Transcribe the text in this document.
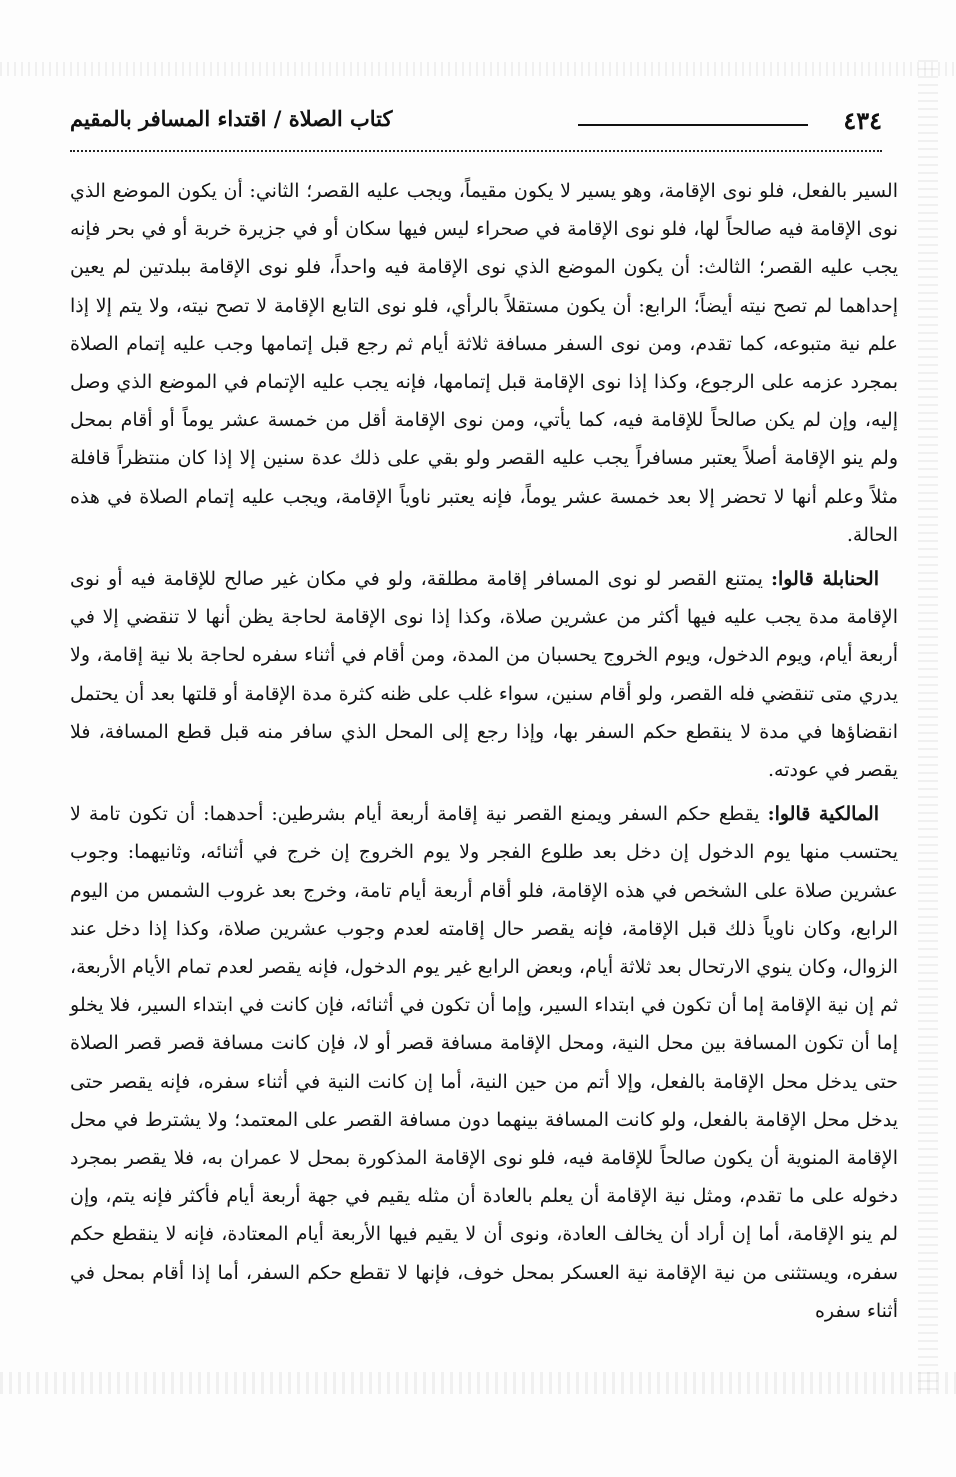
٤٣٤
كتاب الصلاة / اقتداء المسافر بالمقيم

السير بالفعل، فلو نوى الإقامة، وهو يسير لا يكون مقيماً، ويجب عليه القصر؛ الثاني: أن يكون الموضع الذي نوى الإقامة فيه صالحاً لها، فلو نوى الإقامة في صحراء ليس فيها سكان أو في جزيرة خربة أو في بحر فإنه يجب عليه القصر؛ الثالث: أن يكون الموضع الذي نوى الإقامة فيه واحداً، فلو نوى الإقامة ببلدتين لم يعين إحداهما لم تصح نيته أيضاً؛ الرابع: أن يكون مستقلاً بالرأي، فلو نوى التابع الإقامة لا تصح نيته، ولا يتم إلا إذا علم نية متبوعه، كما تقدم، ومن نوى السفر مسافة ثلاثة أيام ثم رجع قبل إتمامها وجب عليه إتمام الصلاة بمجرد عزمه على الرجوع، وكذا إذا نوى الإقامة قبل إتمامها، فإنه يجب عليه الإتمام في الموضع الذي وصل إليه، وإن لم يكن صالحاً للإقامة فيه، كما يأتي، ومن نوى الإقامة أقل من خمسة عشر يوماً أو أقام بمحل ولم ينو الإقامة أصلاً يعتبر مسافراً يجب عليه القصر ولو بقي على ذلك عدة سنين إلا إذا كان منتظراً قافلة مثلاً وعلم أنها لا تحضر إلا بعد خمسة عشر يوماً، فإنه يعتبر ناوياً الإقامة، ويجب عليه إتمام الصلاة في هذه الحالة.

 الحنابلة قالوا: يمتنع القصر لو نوى المسافر إقامة مطلقة، ولو في مكان غير صالح للإقامة فيه أو نوى الإقامة مدة يجب عليه فيها أكثر من عشرين صلاة، وكذا إذا نوى الإقامة لحاجة يظن أنها لا تنقضي إلا في أربعة أيام، ويوم الدخول، ويوم الخروج يحسبان من المدة، ومن أقام في أثناء سفره لحاجة بلا نية إقامة، ولا يدري متى تنقضي فله القصر، ولو أقام سنين، سواء غلب على ظنه كثرة مدة الإقامة أو قلتها بعد أن يحتمل انقضاؤها في مدة لا ينقطع حكم السفر بها، وإذا رجع إلى المحل الذي سافر منه قبل قطع المسافة، فلا يقصر في عودته.

 المالكية قالوا: يقطع حكم السفر ويمنع القصر نية إقامة أربعة أيام بشرطين: أحدهما: أن تكون تامة لا يحتسب منها يوم الدخول إن دخل بعد طلوع الفجر ولا يوم الخروج إن خرج في أثنائه، وثانيهما: وجوب عشرين صلاة على الشخص في هذه الإقامة، فلو أقام أربعة أيام تامة، وخرج بعد غروب الشمس من اليوم الرابع، وكان ناوياً ذلك قبل الإقامة، فإنه يقصر حال إقامته لعدم وجوب عشرين صلاة، وكذا إذا دخل عند الزوال، وكان ينوي الارتحال بعد ثلاثة أيام، وبعض الرابع غير يوم الدخول، فإنه يقصر لعدم تمام الأيام الأربعة، ثم إن نية الإقامة إما أن تكون في ابتداء السير، وإما أن تكون في أثنائه، فإن كانت في ابتداء السير، فلا يخلو إما أن تكون المسافة بين محل النية، ومحل الإقامة مسافة قصر أو لا، فإن كانت مسافة قصر قصر الصلاة حتى يدخل محل الإقامة بالفعل، وإلا أتم من حين النية، أما إن كانت النية في أثناء سفره، فإنه يقصر حتى يدخل محل الإقامة بالفعل، ولو كانت المسافة بينهما دون مسافة القصر على المعتمد؛ ولا يشترط في محل الإقامة المنوية أن يكون صالحاً للإقامة فيه، فلو نوى الإقامة المذكورة بمحل لا عمران به، فلا يقصر بمجرد دخوله على ما تقدم، ومثل نية الإقامة أن يعلم بالعادة أن مثله يقيم في جهة أربعة أيام فأكثر فإنه يتم، وإن لم ينو الإقامة، أما إن أراد أن يخالف العادة، ونوى أن لا يقيم فيها الأربعة أيام المعتادة، فإنه لا ينقطع حكم سفره، ويستثنى من نية الإقامة نية العسكر بمحل خوف، فإنها لا تقطع حكم السفر، أما إذا أقام بمحل في أثناء سفره
